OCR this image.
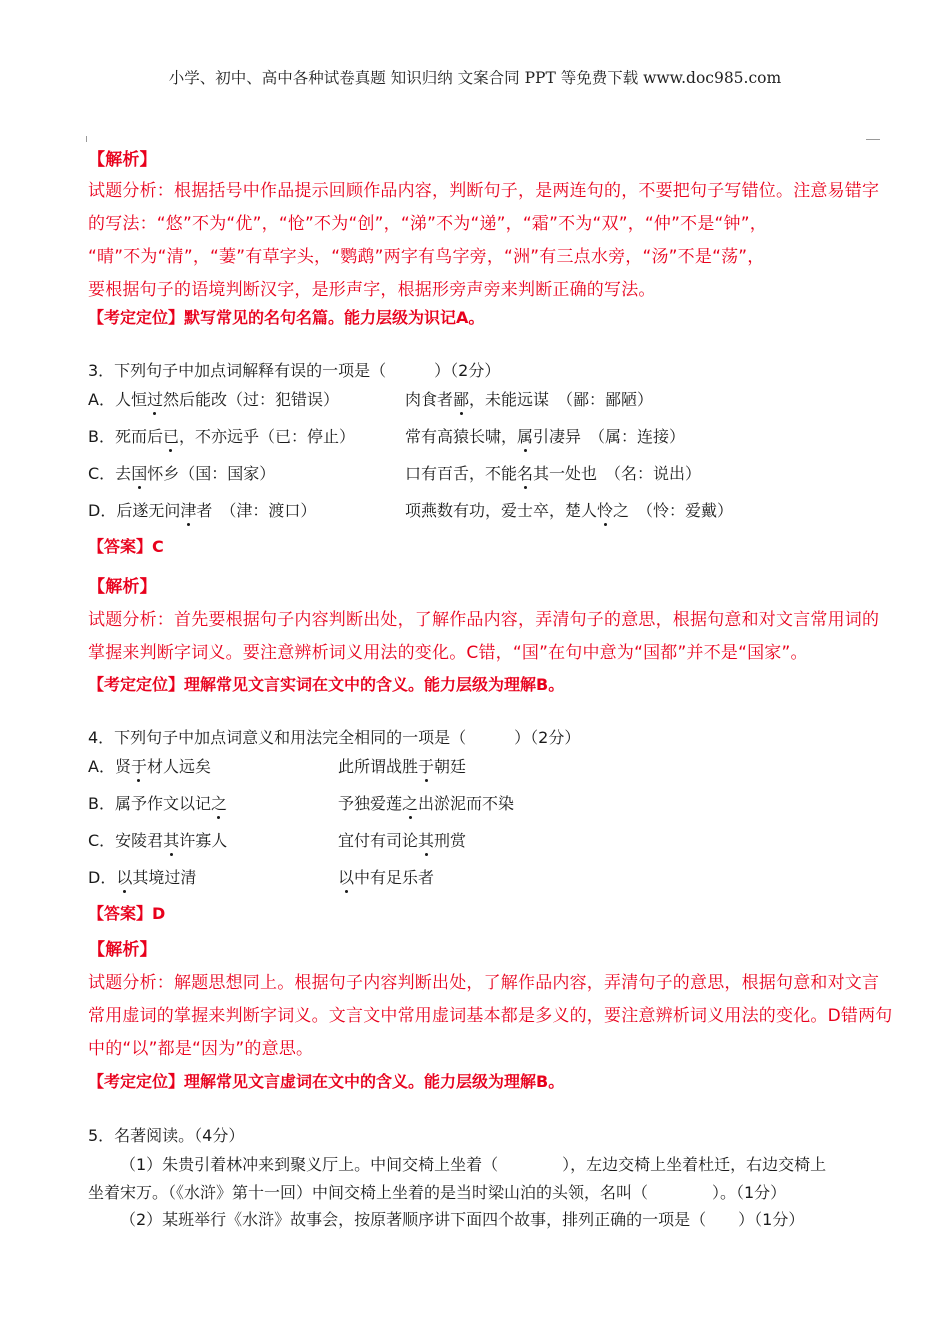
小学、初中、高中各种试卷真题 知识归纳 文案合同 PPT 等免费下载 www.doc985.com
【解析】
试题分析：根据括号中作品提示回顾作品内容，判断句子，是两连句的，不要把句子写错位。注意易错字
的写法：“悠”不为“优”，“怆”不为“创”，“涕”不为“递”，“霜”不为“双”，“仲”不是“钟”，
“晴”不为“清”，“萋”有草字头，“鹦鹉”两字有鸟字旁，“洲”有三点水旁，“汤”不是“荡”，
要根据句子的语境判断汉字，是形声字，根据形旁声旁来判断正确的写法。
【考定定位】默写常见的名句名篇。能力层级为识记A。
3．下列句子中加点词解释有误的一项是（　　　）（2分）
A．人恒过然后能改（过：犯错误）	肉食者鄙，未能远谋　（鄙：鄙陋）
B．死而后已，不亦远乎（已：停止）	常有高猿长啸，属引凄异　（属：连接）
C．去国怀乡（国：国家）	口有百舌，不能名其一处也　（名：说出）
D．后遂无问津者　（津：渡口）	项燕数有功，爱士卒，楚人怜之　（怜：爱戴）
【答案】C
【解析】
试题分析：首先要根据句子内容判断出处，了解作品内容，弄清句子的意思，根据句意和对文言常用词的
掌握来判断字词义。要注意辨析词义用法的变化。C错，“国”在句中意为“国都”并不是“国家”。
【考定定位】理解常见文言实词在文中的含义。能力层级为理解B。
4．下列句子中加点词意义和用法完全相同的一项是（　　　）（2分）
A．贤于材人远矣	此所谓战胜于朝廷
B．属予作文以记之	予独爱莲之出淤泥而不染
C．安陵君其许寡人	宜付有司论其刑赏
D．以其境过清	以中有足乐者
【答案】D
【解析】
试题分析：解题思想同上。根据句子内容判断出处，了解作品内容，弄清句子的意思，根据句意和对文言
常用虚词的掌握来判断字词义。文言文中常用虚词基本都是多义的，要注意辨析词义用法的变化。D错两句
中的“以”都是“因为”的意思。
【考定定位】理解常见文言虚词在文中的含义。能力层级为理解B。
5．名著阅读。（4分）
（1）朱贵引着林冲来到聚义厅上。中间交椅上坐着（　　　　），左边交椅上坐着杜迁，右边交椅上
坐着宋万。（《水浒》第十一回）中间交椅上坐着的是当时梁山泊的头领，名叫（　　　　）。（1分）
（2）某班举行《水浒》故事会，按原著顺序讲下面四个故事，排列正确的一项是（　　）（1分）
